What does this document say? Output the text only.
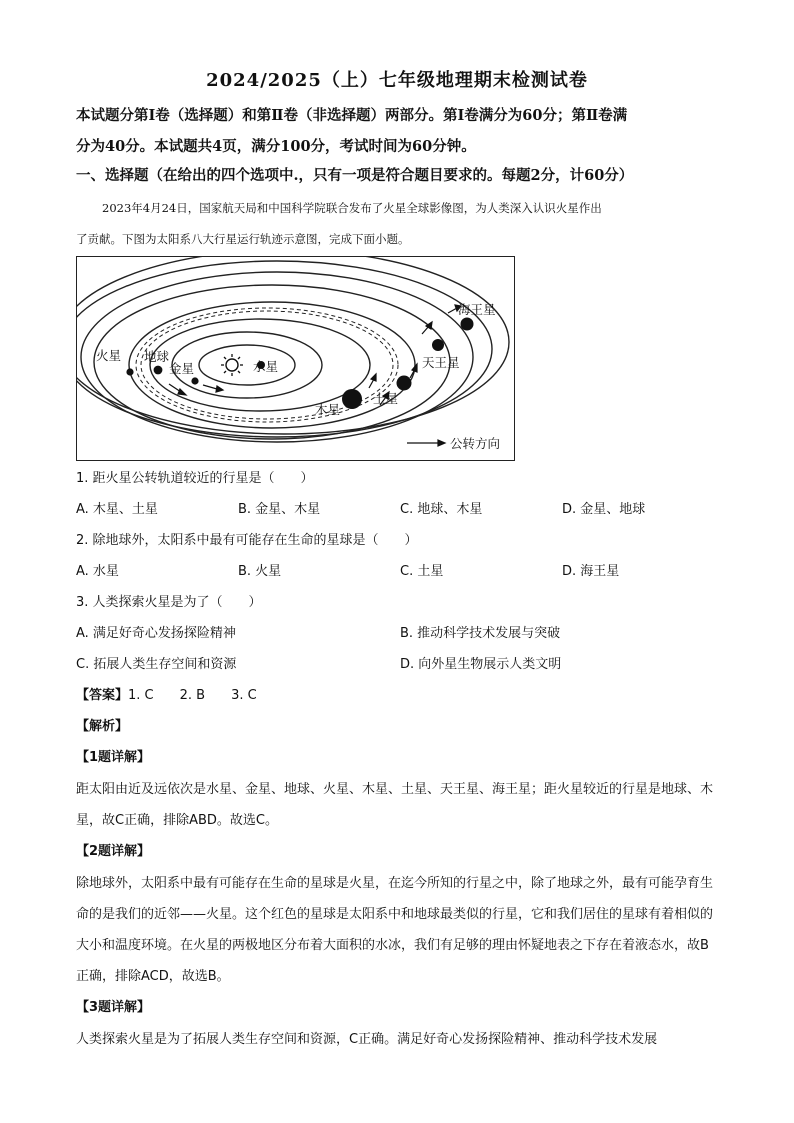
2024/2025（上）七年级地理期末检测试卷
本试题分第Ⅰ卷（选择题）和第Ⅱ卷（非选择题）两部分。第Ⅰ卷满分为60分；第Ⅱ卷满
分为40分。本试题共4页，满分100分，考试时间为60分钟。
一、选择题（在给出的四个选项中.，只有一项是符合题目要求的。每题2分，计60分）
2023年4月24日，国家航天局和中国科学院联合发布了火星全球影像图，为人类深入认识火星作出
了贡献。下图为太阳系八大行星运行轨迹示意图，完成下面小题。
火星 地球
金星	水星
木星
土星
天王星
海王星
公转方向
1. 距火星公转轨道较近的行星是（　　）
A. 木星、土星	B. 金星、木星	C. 地球、木星	D. 金星、地球
2. 除地球外，太阳系中最有可能存在生命的星球是（　　）
A. 水星	B. 火星	C. 土星	D. 海王星
3. 人类探索火星是为了（　　）
A. 满足好奇心发扬探险精神	B. 推动科学技术发展与突破
C. 拓展人类生存空间和资源	D. 向外星生物展示人类文明
【答案】1. C　　2. B　　3. C
【解析】
【1题详解】
距太阳由近及远依次是水星、金星、地球、火星、木星、土星、天王星、海王星；距火星较近的行星是地球、木星，故C正确，排除ABD。故选C。
【2题详解】
除地球外，太阳系中最有可能存在生命的星球是火星，在迄今所知的行星之中，除了地球之外，最有可能孕育生命的是我们的近邻——火星。这个红色的星球是太阳系中和地球最类似的行星，它和我们居住的星球有着相似的大小和温度环境。在火星的两极地区分布着大面积的水冰，我们有足够的理由怀疑地表之下存在着液态水，故B正确，排除ACD，故选B。
【3题详解】
人类探索火星是为了拓展人类生存空间和资源，C正确。满足好奇心发扬探险精神、推动科学技术发展
